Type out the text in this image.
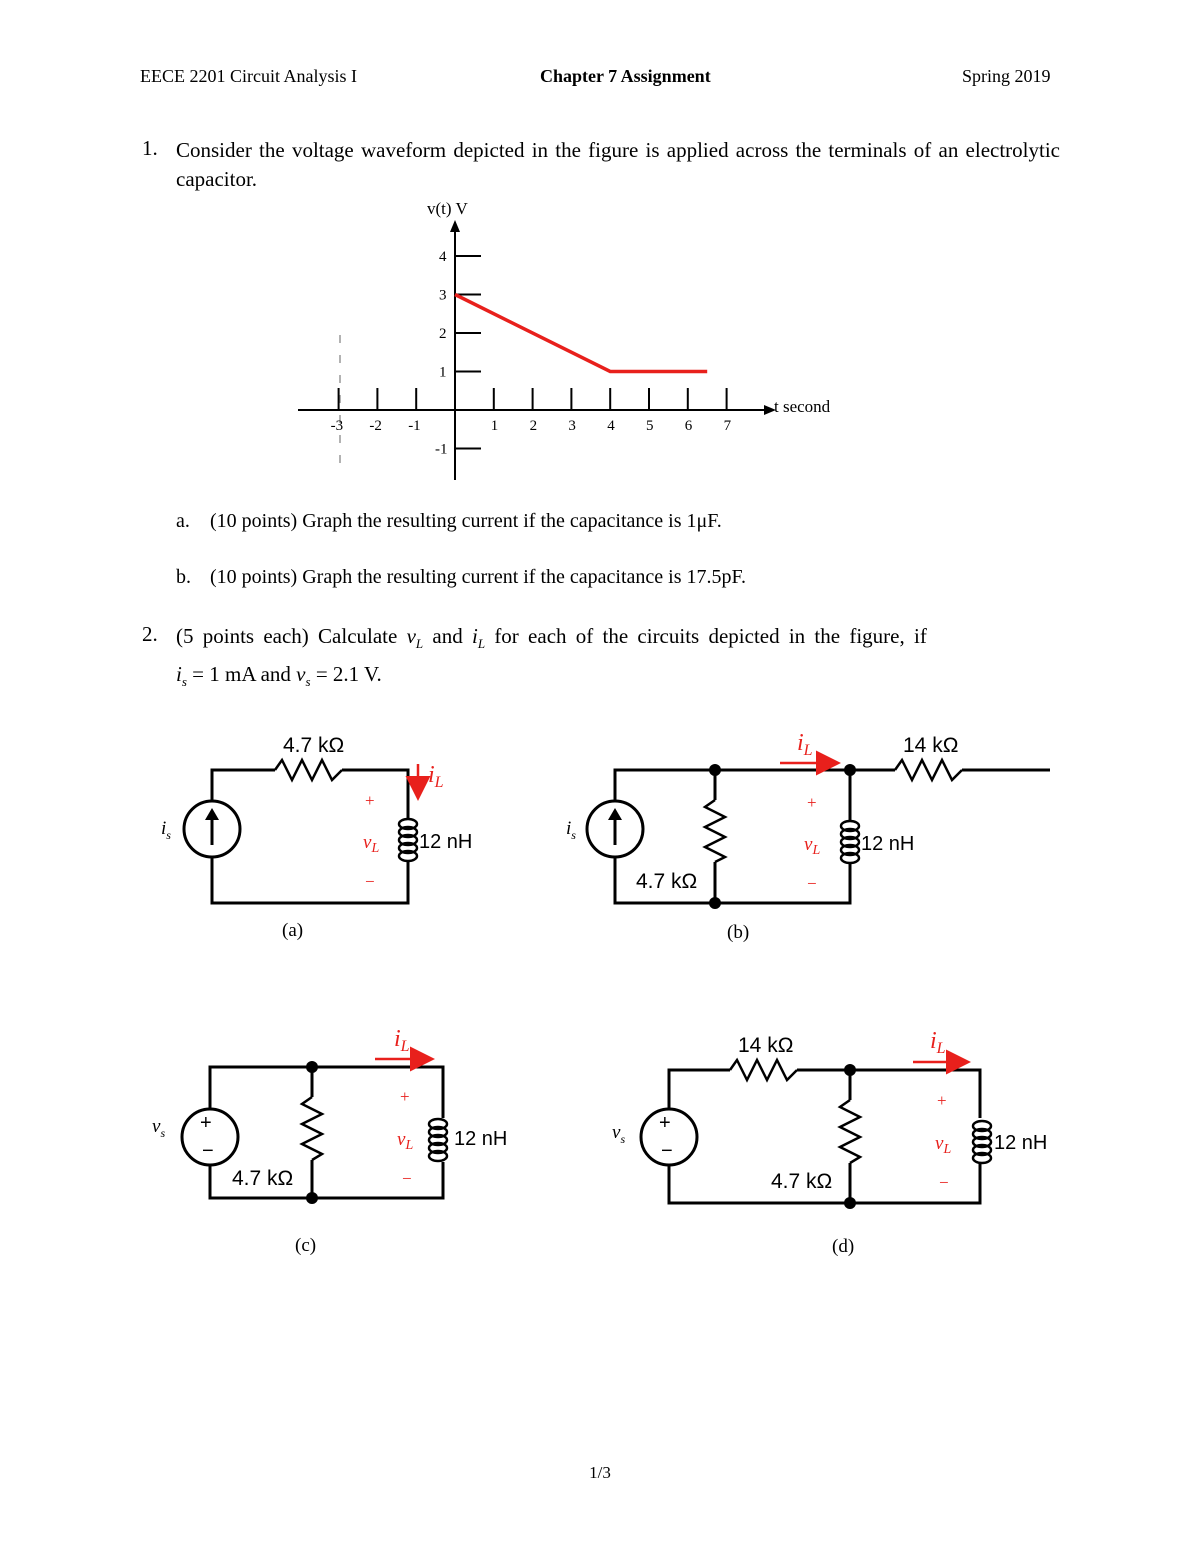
EECE 2201 Circuit Analysis I	Chapter 7 Assignment	Spring 2019
1. Consider the voltage waveform depicted in the figure is applied across the terminals of an electrolytic capacitor.
v(t) V
t second
-3 -2 -1	1 2 3 4 5 6 7
4
3
2
1
-1
a. (10 points) Graph the resulting current if the capacitance is 1μF.
b. (10 points) Graph the resulting current if the capacitance is 17.5pF.
2. (5 points each) Calculate $v_L$ and $i_L$ for each of the circuits depicted in the figure, if
$i_s = 1$ mA and $v_s = 2.1$ V.
4.7 kΩ
12 nH
$i_s$
$i_L$
+
$v_L$
−
(a)
14 kΩ
4.7 kΩ
12 nH
$i_s$
$i_L$
+
$v_L$
−
(b)
+
−
4.7 kΩ
12 nH
$v_s$
$i_L$
+
$v_L$
−
(c)
+
−
14 kΩ
4.7 kΩ
12 nH
$v_s$
$i_L$
+
$v_L$
−
(d)
1/3
